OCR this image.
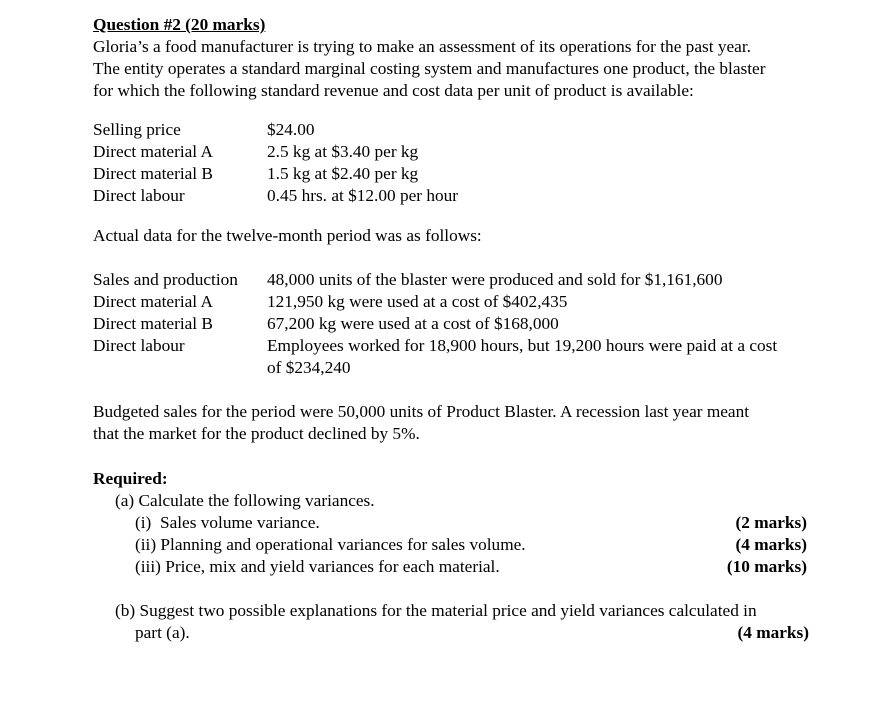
Question #2 (20 marks)
Gloria’s a food manufacturer is trying to make an assessment of its operations for the past year.
The entity operates a standard marginal costing system and manufactures one product, the blaster
for which the following standard revenue and cost data per unit of product is available:
Selling price	$24.00
Direct material A	2.5 kg at $3.40 per kg
Direct material B	1.5 kg at $2.40 per kg
Direct labour	0.45 hrs. at $12.00 per hour
Actual data for the twelve-month period was as follows:
Sales and production	48,000 units of the blaster were produced and sold for $1,161,600
Direct material A	121,950 kg were used at a cost of $402,435
Direct material B	67,200 kg were used at a cost of $168,000
Direct labour	Employees worked for 18,900 hours, but 19,200 hours were paid at a cost
of $234,240
Budgeted sales for the period were 50,000 units of Product Blaster. A recession last year meant
that the market for the product declined by 5%.
Required:
(a) Calculate the following variances.
(i)  Sales volume variance.	(2 marks)
(ii) Planning and operational variances for sales volume.	(4 marks)
(iii) Price, mix and yield variances for each material.	(10 marks)
(b) Suggest two possible explanations for the material price and yield variances calculated in
part (a).	(4 marks)
